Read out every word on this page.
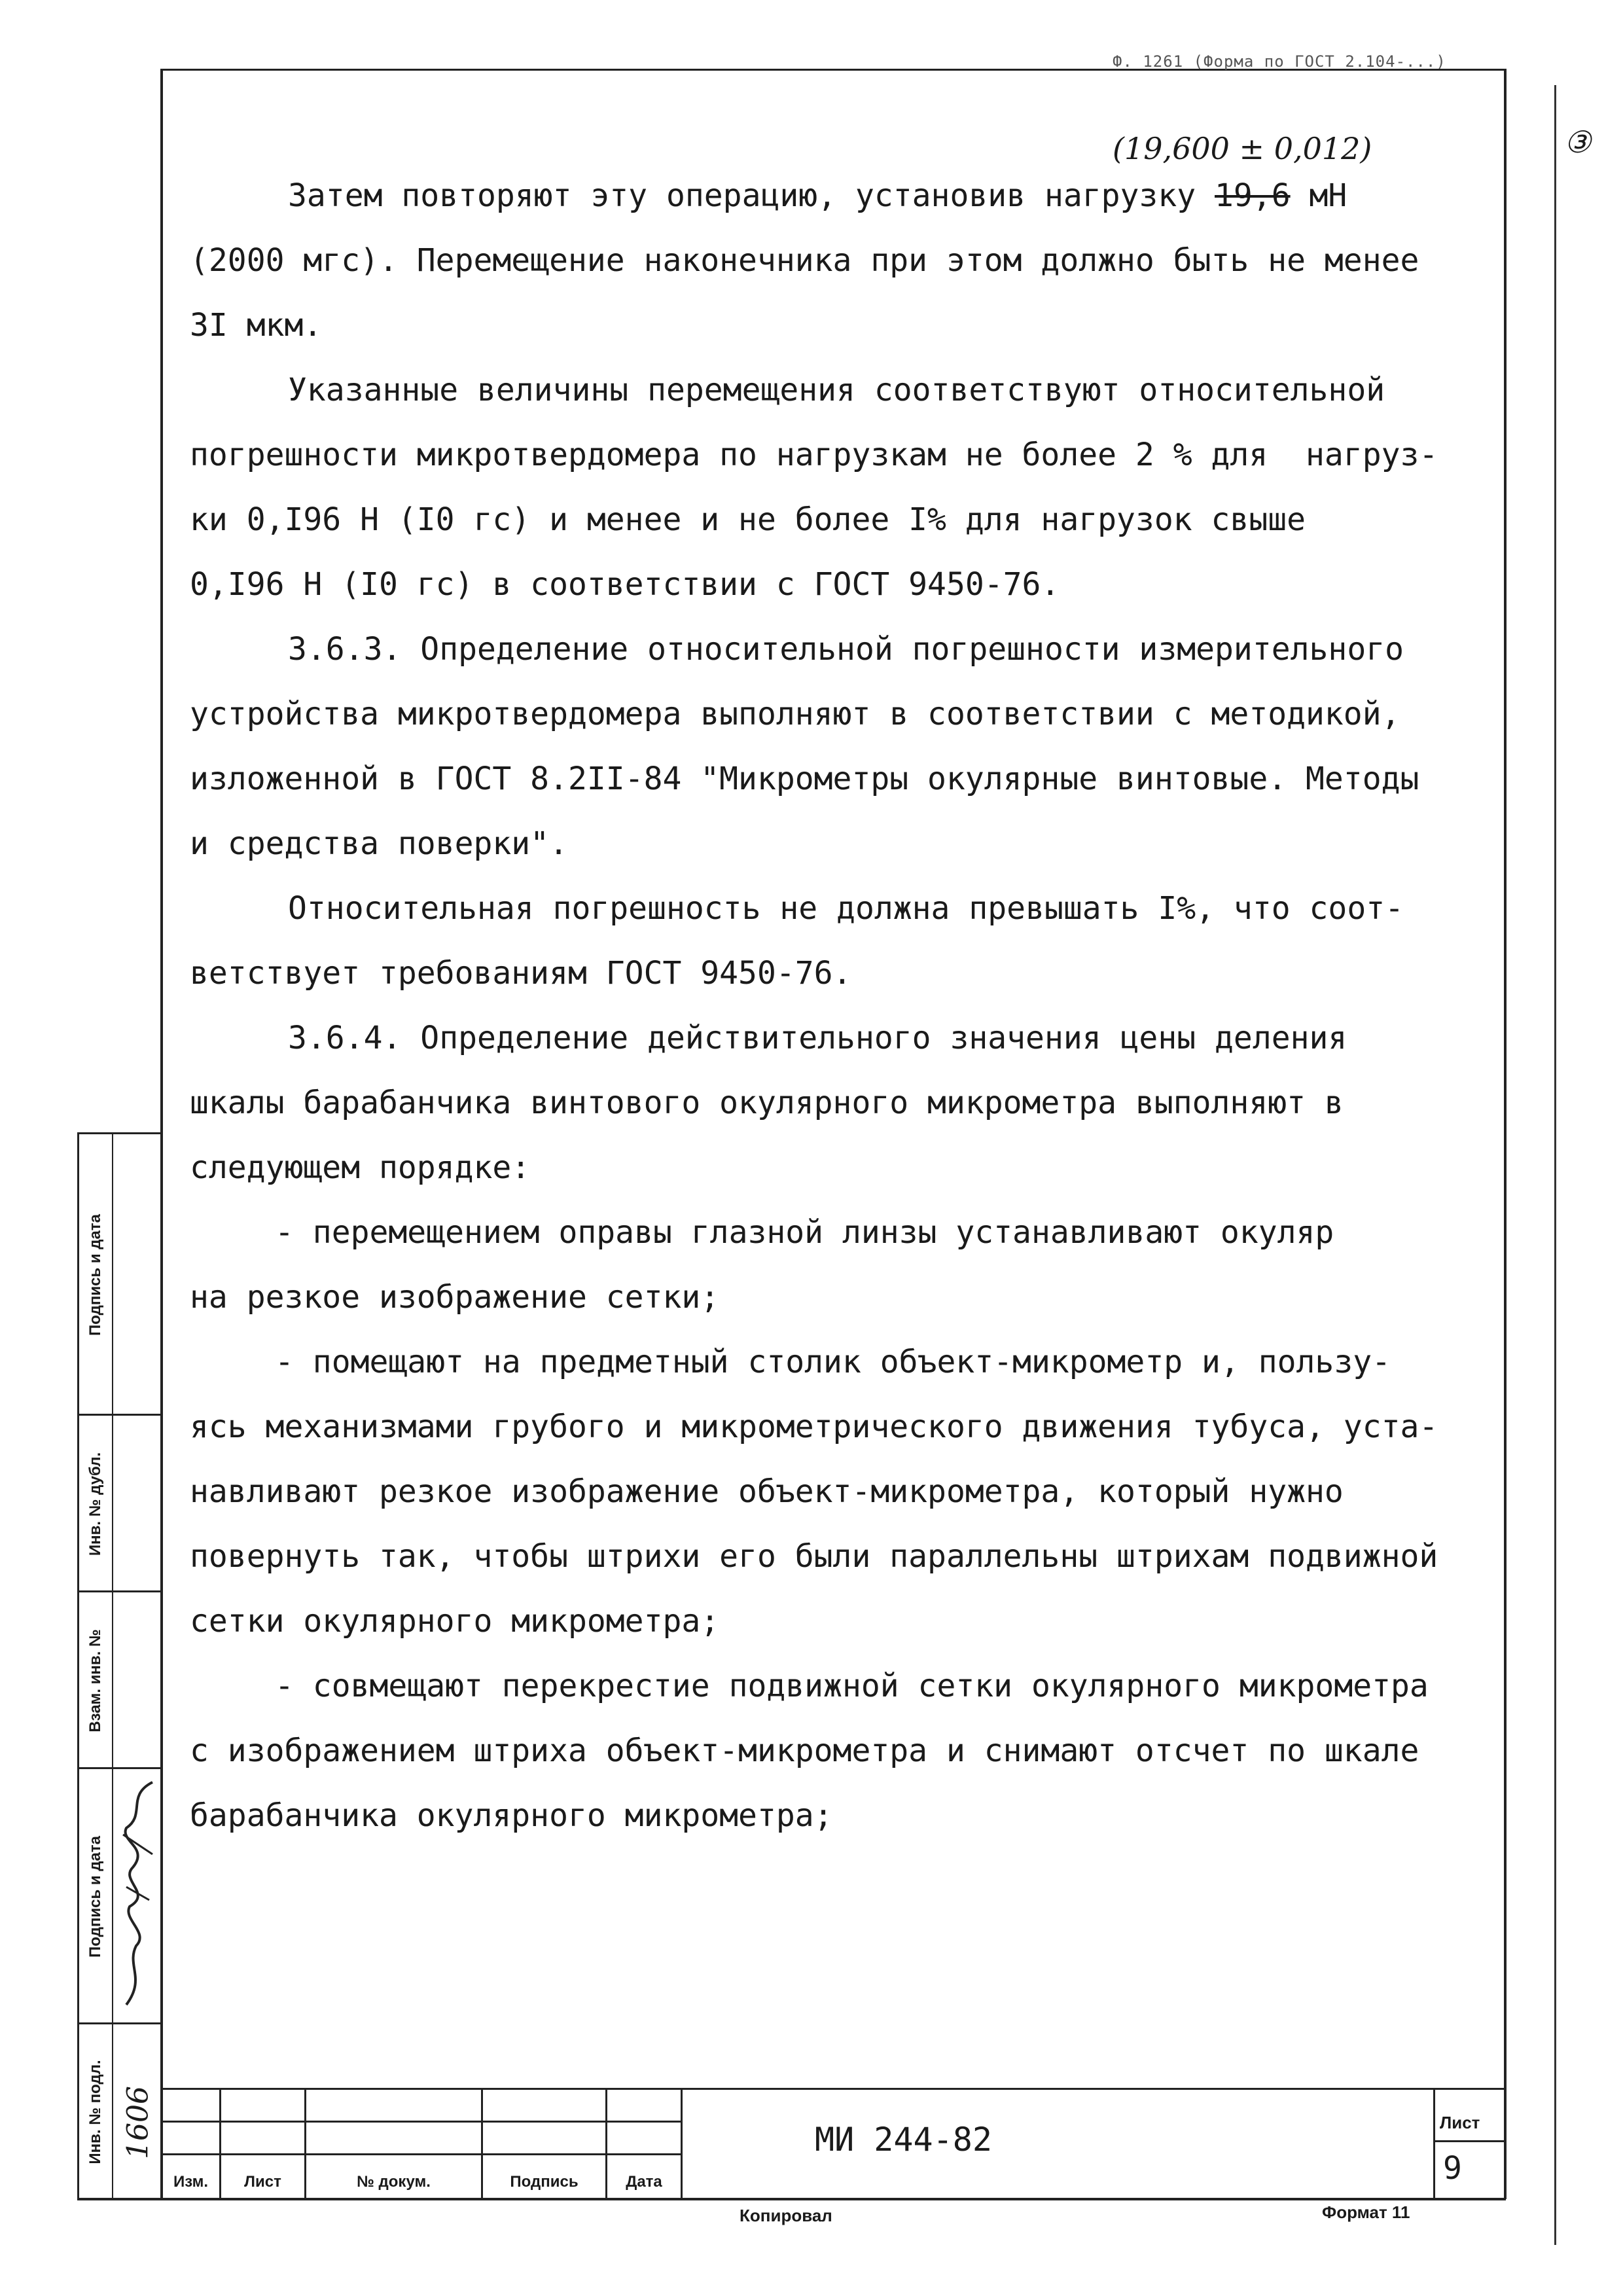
Ф. 1261 (Форма по ГОСТ 2.104-...)
③
(19,600 ± 0,012)

Затем повторяют эту операцию, установив нагрузку 19,6 мН

(2000 мгс). Перемещение наконечника при этом должно быть не менее

3I мкм.

Указанные величины перемещения соответствуют относительной

погрешности микротвердомера по нагрузкам не более 2 % для  нагруз-

ки 0,I96 Н (I0 гс) и менее и не более I% для нагрузок свыше

0,I96 Н (I0 гс) в соответствии с ГОСТ 9450-76.

3.6.3. Определение относительной погрешности измерительного

устройства микротвердомера выполняют в соответствии с методикой,

изложенной в ГОСТ 8.2II-84 "Микрометры окулярные винтовые. Методы

и средства поверки".

Относительная погрешность не должна превышать I%, что соот-

ветствует требованиям ГОСТ 9450-76.

3.6.4. Определение действительного значения цены деления

шкалы барабанчика винтового окулярного микрометра выполняют в

следующем порядке:

- перемещением оправы глазной линзы устанавливают окуляр

на резкое изображение сетки;

- помещают на предметный столик объект-микрометр и, пользу-

ясь механизмами грубого и микрометрического движения тубуса, уста-

навливают резкое изображение объект-микрометра, который нужно

повернуть так, чтобы штрихи его были параллельны штрихам подвижной

сетки окулярного микрометра;

- совмещают перекрестие подвижной сетки окулярного микрометра

с изображением штриха объект-микрометра и снимают отсчет по шкале

барабанчика окулярного микрометра;

Подпись и дата
Инв. № дубл.
Взам. инв. №
Подпись и дата
Инв. № подл. 1606
Изм.	Лист	№ докум.	Подпись	Дата
МИ 244-82	Лист
9
Копировал	Формат 11
